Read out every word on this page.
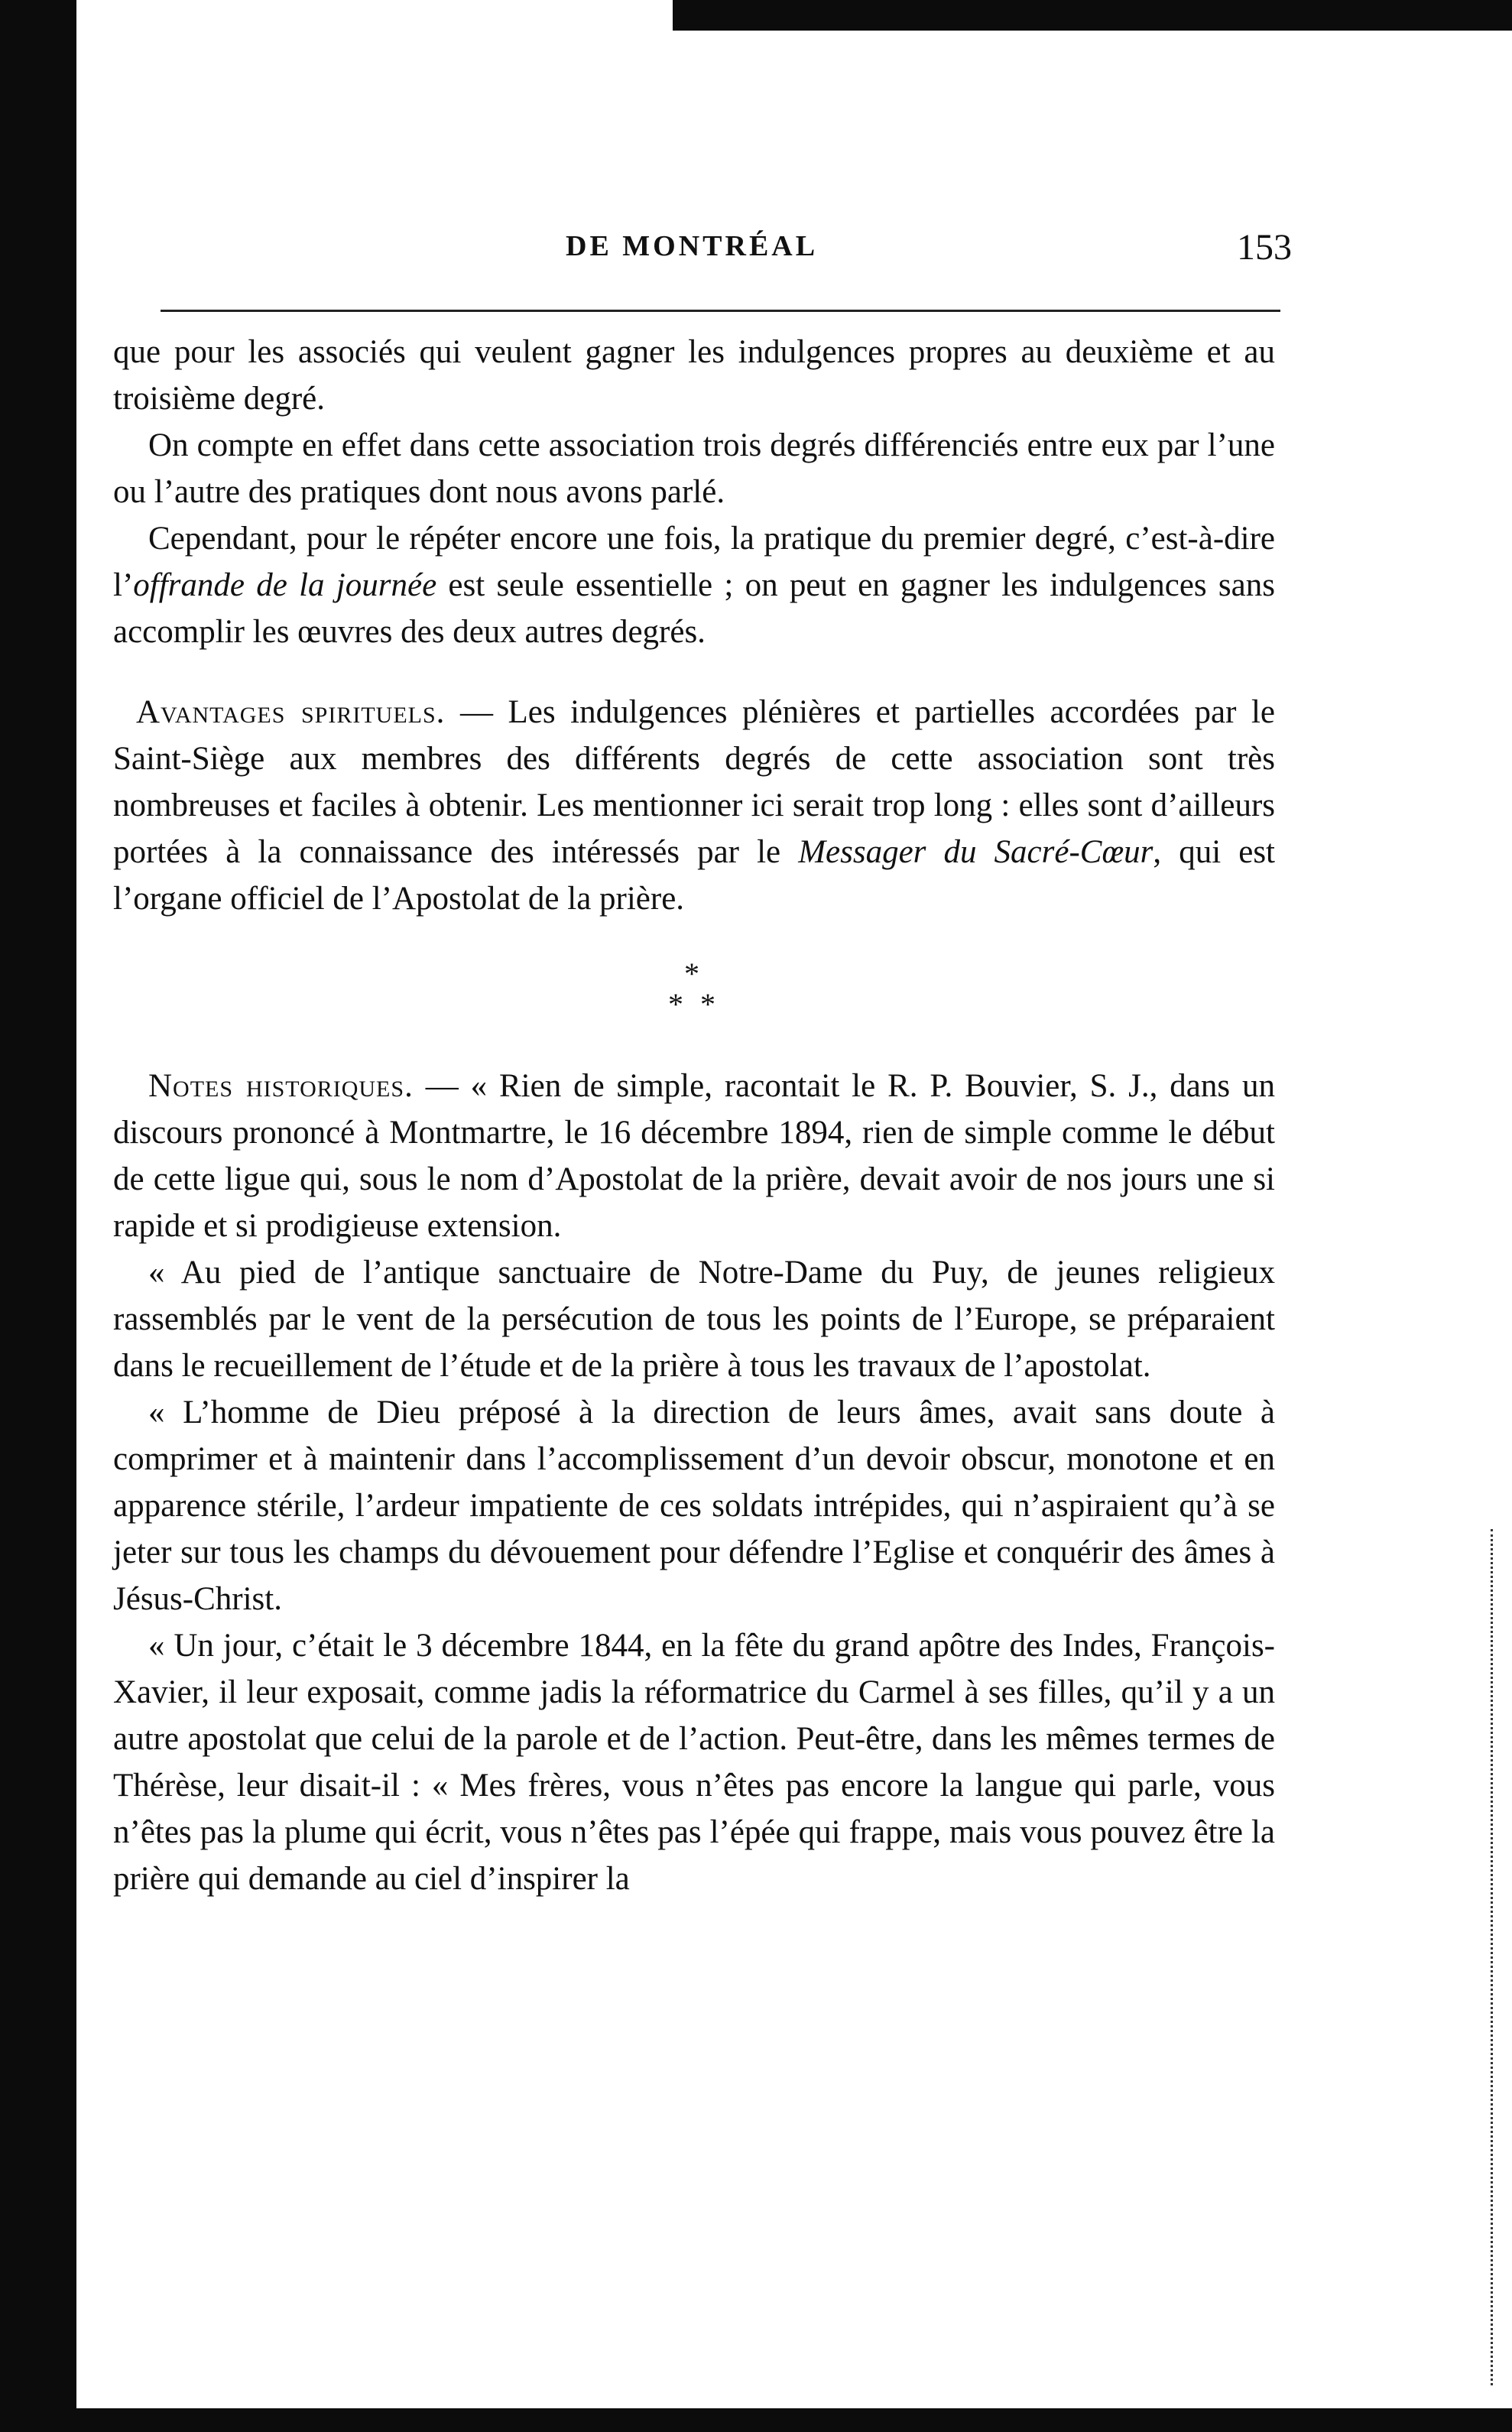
DE MONTRÉAL	153

que pour les associés qui veulent gagner les indulgences propres au deuxième et au troisième degré.

On compte en effet dans cette association trois degrés différenciés entre eux par l’une ou l’autre des pratiques dont nous avons parlé.

Cependant, pour le répéter encore une fois, la pratique du premier degré, c’est-à-dire l’offrande de la journée est seule essentielle ; on peut en gagner les indulgences sans accomplir les œuvres des deux autres degrés.

Avantages spirituels. — Les indulgences plénières et partielles accordées par le Saint-Siège aux membres des différents degrés de cette association sont très nombreuses et faciles à obtenir. Les mentionner ici serait trop long : elles sont d’ailleurs portées à la connaissance des intéressés par le Messager du Sacré-Cœur, qui est l’organe officiel de l’Apostolat de la prière.

*
* *

Notes historiques. — « Rien de simple, racontait le R. P. Bouvier, S. J., dans un discours prononcé à Montmartre, le 16 décembre 1894, rien de simple comme le début de cette ligue qui, sous le nom d’Apostolat de la prière, devait avoir de nos jours une si rapide et si prodigieuse extension.

« Au pied de l’antique sanctuaire de Notre-Dame du Puy, de jeunes religieux rassemblés par le vent de la persécution de tous les points de l’Europe, se préparaient dans le recueillement de l’étude et de la prière à tous les travaux de l’apostolat.

« L’homme de Dieu préposé à la direction de leurs âmes, avait sans doute à comprimer et à maintenir dans l’accomplissement d’un devoir obscur, monotone et en apparence stérile, l’ardeur impatiente de ces soldats intrépides, qui n’aspiraient qu’à se jeter sur tous les champs du dévouement pour défendre l’Eglise et conquérir des âmes à Jésus-Christ.

« Un jour, c’était le 3 décembre 1844, en la fête du grand apôtre des Indes, François-Xavier, il leur exposait, comme jadis la réformatrice du Carmel à ses filles, qu’il y a un autre apostolat que celui de la parole et de l’action. Peut-être, dans les mêmes termes de Thérèse, leur disait-il : « Mes frères, vous n’êtes pas encore la langue qui parle, vous n’êtes pas la plume qui écrit, vous n’êtes pas l’épée qui frappe, mais vous pouvez être la prière qui demande au ciel d’inspirer la
